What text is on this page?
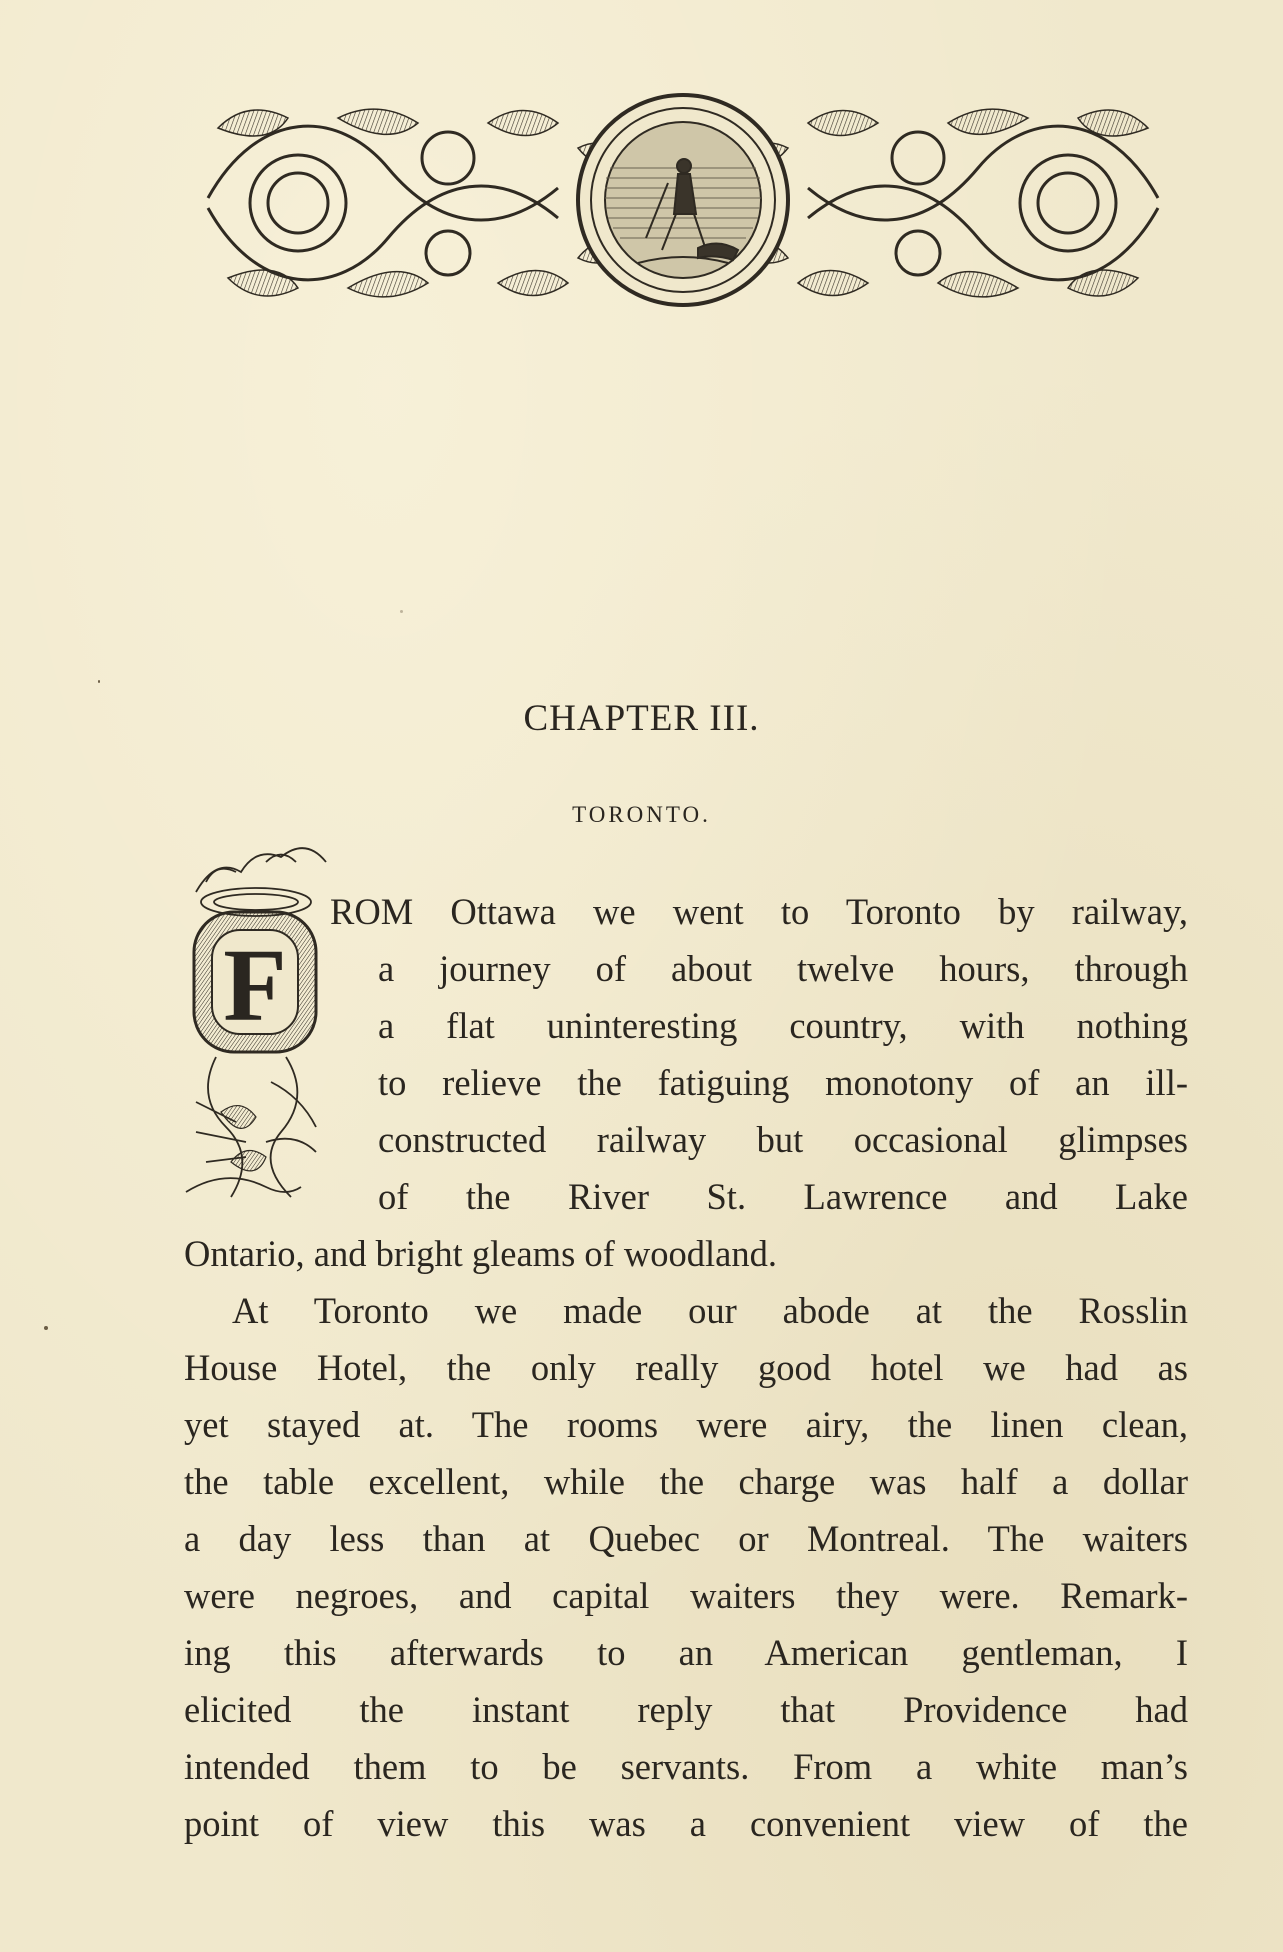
CHAPTER III.
TORONTO.
F
ROM Ottawa we went to Toronto by railway,
a journey of about twelve hours, through
a flat uninteresting country, with nothing
to relieve the fatiguing monotony of an ill-
constructed railway but occasional glimpses
of the River St. Lawrence and Lake
Ontario, and bright gleams of woodland.
At Toronto we made our abode at the Rosslin
House Hotel, the only really good hotel we had as
yet stayed at. The rooms were airy, the linen clean,
the table excellent, while the charge was half a dollar
a day less than at Quebec or Montreal. The waiters
were negroes, and capital waiters they were. Remark-
ing this afterwards to an American gentleman, I
elicited the instant reply that Providence had
intended them to be servants. From a white man’s
point of view this was a convenient view of the
